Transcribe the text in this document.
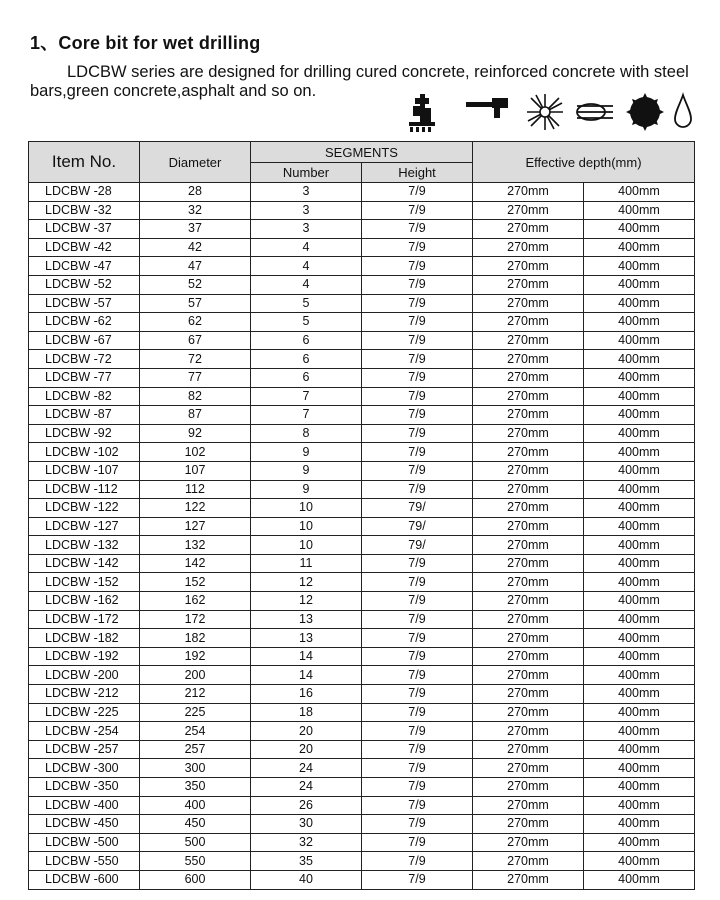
1、Core bit for wet drilling
LDCBW series are designed for drilling cured concrete, reinforced concrete with steel bars,green concrete,asphalt and so on.
Item No.	Diameter	SEGMENTS		Effective depth(mm)	
		Number	Height		
LDCBW -28	28	3	7/9	270mm	400mm
LDCBW -32	32	3	7/9	270mm	400mm
LDCBW -37	37	3	7/9	270mm	400mm
LDCBW -42	42	4	7/9	270mm	400mm
LDCBW -47	47	4	7/9	270mm	400mm
LDCBW -52	52	4	7/9	270mm	400mm
LDCBW -57	57	5	7/9	270mm	400mm
LDCBW -62	62	5	7/9	270mm	400mm
LDCBW -67	67	6	7/9	270mm	400mm
LDCBW -72	72	6	7/9	270mm	400mm
LDCBW -77	77	6	7/9	270mm	400mm
LDCBW -82	82	7	7/9	270mm	400mm
LDCBW -87	87	7	7/9	270mm	400mm
LDCBW -92	92	8	7/9	270mm	400mm
LDCBW -102	102	9	7/9	270mm	400mm
LDCBW -107	107	9	7/9	270mm	400mm
LDCBW -112	112	9	7/9	270mm	400mm
LDCBW -122	122	10	79/	270mm	400mm
LDCBW -127	127	10	79/	270mm	400mm
LDCBW -132	132	10	79/	270mm	400mm
LDCBW -142	142	11	7/9	270mm	400mm
LDCBW -152	152	12	7/9	270mm	400mm
LDCBW -162	162	12	7/9	270mm	400mm
LDCBW -172	172	13	7/9	270mm	400mm
LDCBW -182	182	13	7/9	270mm	400mm
LDCBW -192	192	14	7/9	270mm	400mm
LDCBW -200	200	14	7/9	270mm	400mm
LDCBW -212	212	16	7/9	270mm	400mm
LDCBW -225	225	18	7/9	270mm	400mm
LDCBW -254	254	20	7/9	270mm	400mm
LDCBW -257	257	20	7/9	270mm	400mm
LDCBW -300	300	24	7/9	270mm	400mm
LDCBW -350	350	24	7/9	270mm	400mm
LDCBW -400	400	26	7/9	270mm	400mm
LDCBW -450	450	30	7/9	270mm	400mm
LDCBW -500	500	32	7/9	270mm	400mm
LDCBW -550	550	35	7/9	270mm	400mm
LDCBW -600	600	40	7/9	270mm	400mm
